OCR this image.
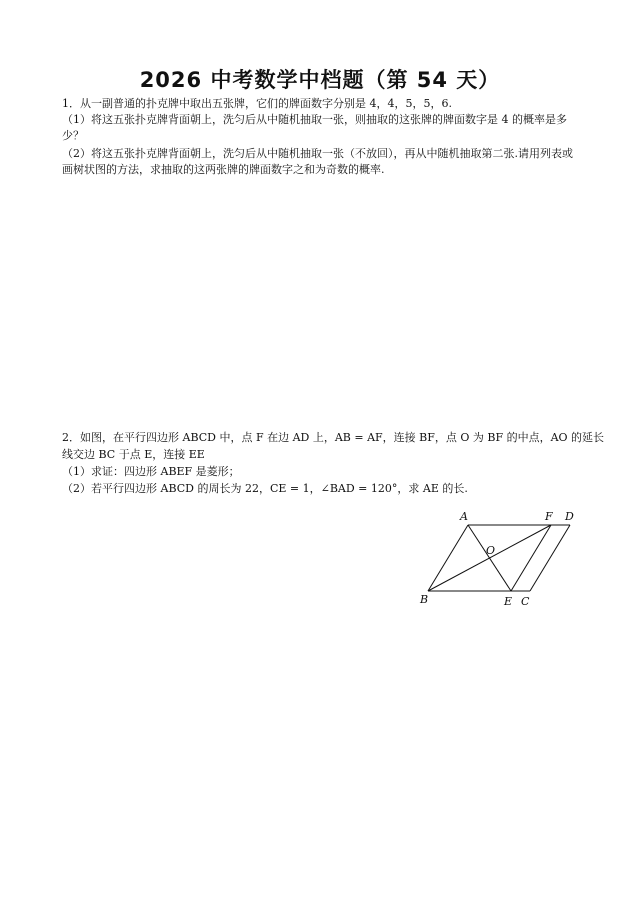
2026 中考数学中档题（第 54 天）
1．从一副普通的扑克牌中取出五张牌，它们的牌面数字分别是 4，4，5，5，6.
（1）将这五张扑克牌背面朝上，洗匀后从中随机抽取一张，则抽取的这张牌的牌面数字是 4 的概率是多
少？
（2）将这五张扑克牌背面朝上，洗匀后从中随机抽取一张（不放回），再从中随机抽取第二张.请用列表或
画树状图的方法，求抽取的这两张牌的牌面数字之和为奇数的概率.
2．如图，在平行四边形 ABCD 中，点 F 在边 AD 上，AB = AF，连接 BF，点 O 为 BF 的中点，AO 的延长
线交边 BC 于点 E，连接 EE
（1）求证：四边形 ABEF 是菱形；
（2）若平行四边形 ABCD 的周长为 22，CE = 1，∠BAD = 120°，求 AE 的长.
A	F D
O
B	E C
